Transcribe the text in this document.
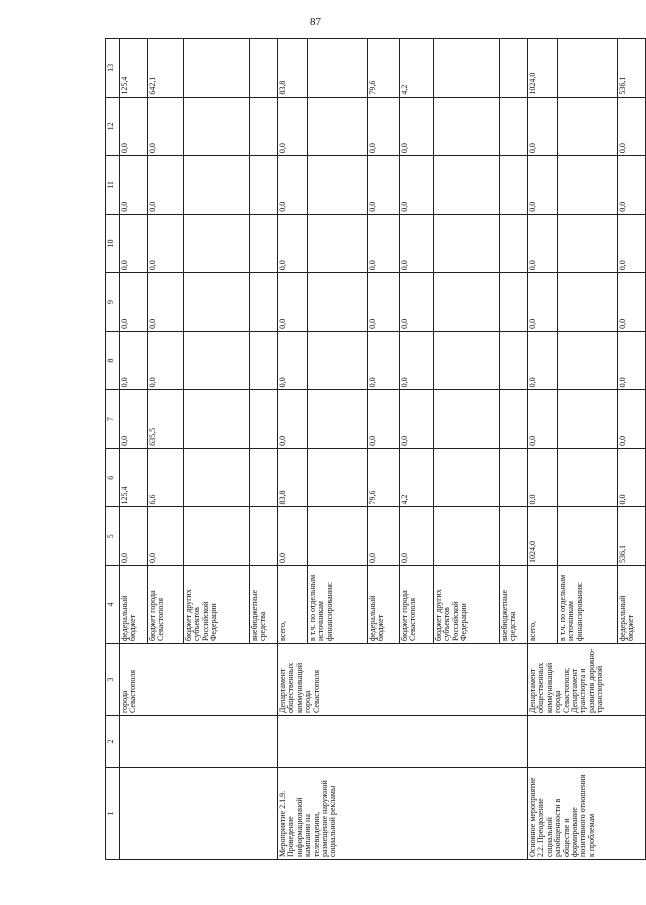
87
1	2	3	4	5	6	7	8	9	10	11	12	13
		города Севастополя	федеральный бюджет	0,0	125,4	0,0	0,0	0,0	0,0	0,0	0,0	125,4
			бюджет города Севастополя	0,0	6,6	635,5	0,0	0,0	0,0	0,0	0,0	642,1
			бюджет других субъектов Российской Федерации									
			внебюджетные средства									
Мероприятие 2.1.9. Проведение информационной кампании на телевидении, размещение наружной социальной рекламы		Департамент общественных коммуникаций города Севастополя	всего,	0,0	83,8	0,0	0,0	0,0	0,0	0,0	0,0	83,8
			в т.ч. по отдельным источникам финансирования:									
			федеральный бюджет	0,0	79,6	0,0	0,0	0,0	0,0	0,0	0,0	79,6
			бюджет города Севастополя	0,0	4,2	0,0	0,0	0,0	0,0	0,0	0,0	4,2
			бюджет других субъектов Российской Федерации									
			внебюджетные средства									
Основное мероприятие 2.2. Преодоление социальной разобщенности в обществе и формирование позитивного отношения к проблемам		Департамент общественных коммуникаций города Севастополя; Департамент транспорта и развития дорожно-транспортной	всего,	1024,0	0,0	0,0	0,0	0,0	0,0	0,0	0,0	1024,0
			в т.ч. по отдельным источникам финансирования:									
			федеральный бюджет	536,1	0,0	0,0	0,0	0,0	0,0	0,0	0,0	536,1
